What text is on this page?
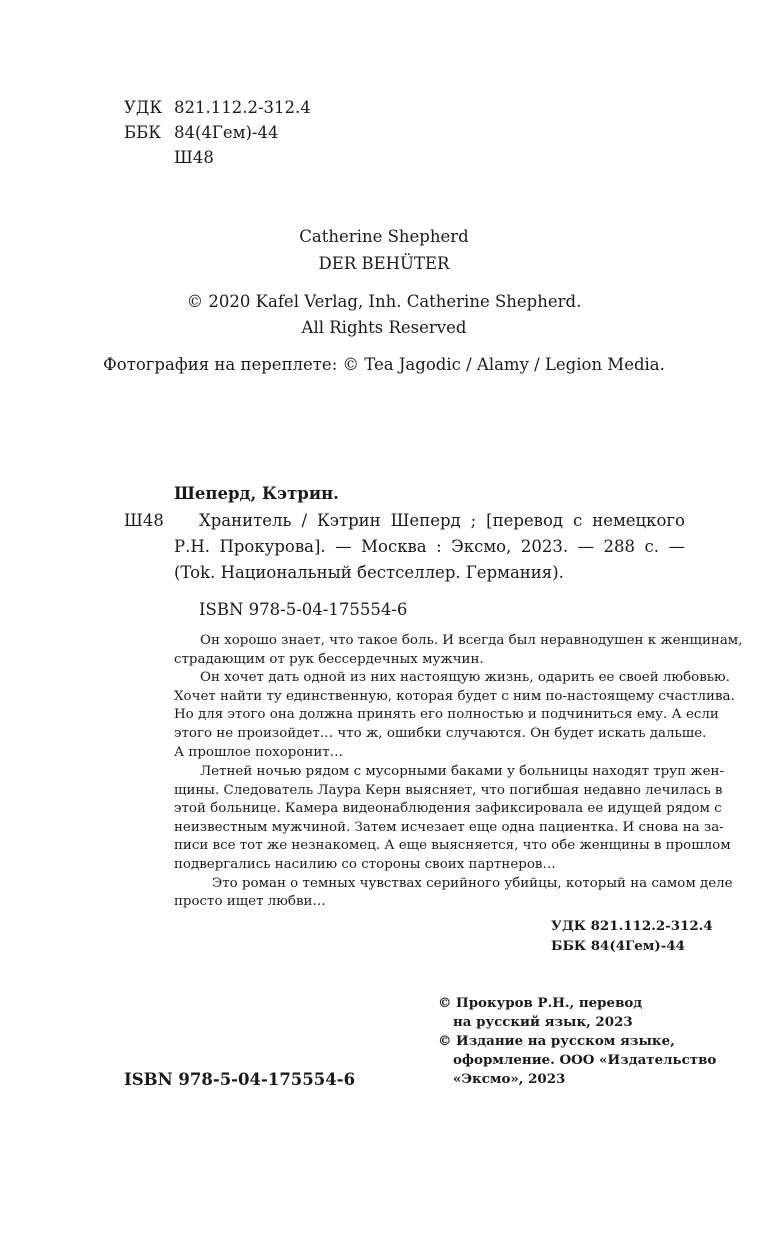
УДК 821.112.2-312.4
ББК 84(4Гем)-44
Ш48
Catherine Shepherd
DER BEHÜTER
© 2020 Kafel Verlag, Inh. Catherine Shepherd.
All Rights Reserved
Фотография на переплете: © Tea Jagodic / Alamy / Legion Media.
Шеперд, Кэтрин.
Ш48 Хранитель / Кэтрин Шеперд ; [перевод с немецкого
Р.Н. Прокурова]. — Москва : Эксмо, 2023. — 288 с. —
(Tok. Национальный бестселлер. Германия).
ISBN 978-5-04-175554-6
Он хорошо знает, что такое боль. И всегда был неравнодушен к женщинам,
страдающим от рук бессердечных мужчин.
Он хочет дать одной из них настоящую жизнь, одарить ее своей любовью.
Хочет найти ту единственную, которая будет с ним по-настоящему счастлива.
Но для этого она должна принять его полностью и подчиниться ему. А если
этого не произойдет… что ж, ошибки случаются. Он будет искать дальше.
А прошлое похоронит…
Летней ночью рядом с мусорными баками у больницы находят труп жен-
щины. Следователь Лаура Керн выясняет, что погибшая недавно лечилась в
этой больнице. Камера видеонаблюдения зафиксировала ее идущей рядом с
неизвестным мужчиной. Затем исчезает еще одна пациентка. И снова на за-
писи все тот же незнакомец. А еще выясняется, что обе женщины в прошлом
подвергались насилию со стороны своих партнеров…
Это роман о темных чувствах серийного убийцы, который на самом деле
просто ищет любви…
УДК 821.112.2-312.4
ББК 84(4Гем)-44
© Прокуров Р.Н., перевод
на русский язык, 2023
© Издание на русском языке,
оформление. ООО «Издательство
«Эксмо», 2023
ISBN 978-5-04-175554-6
